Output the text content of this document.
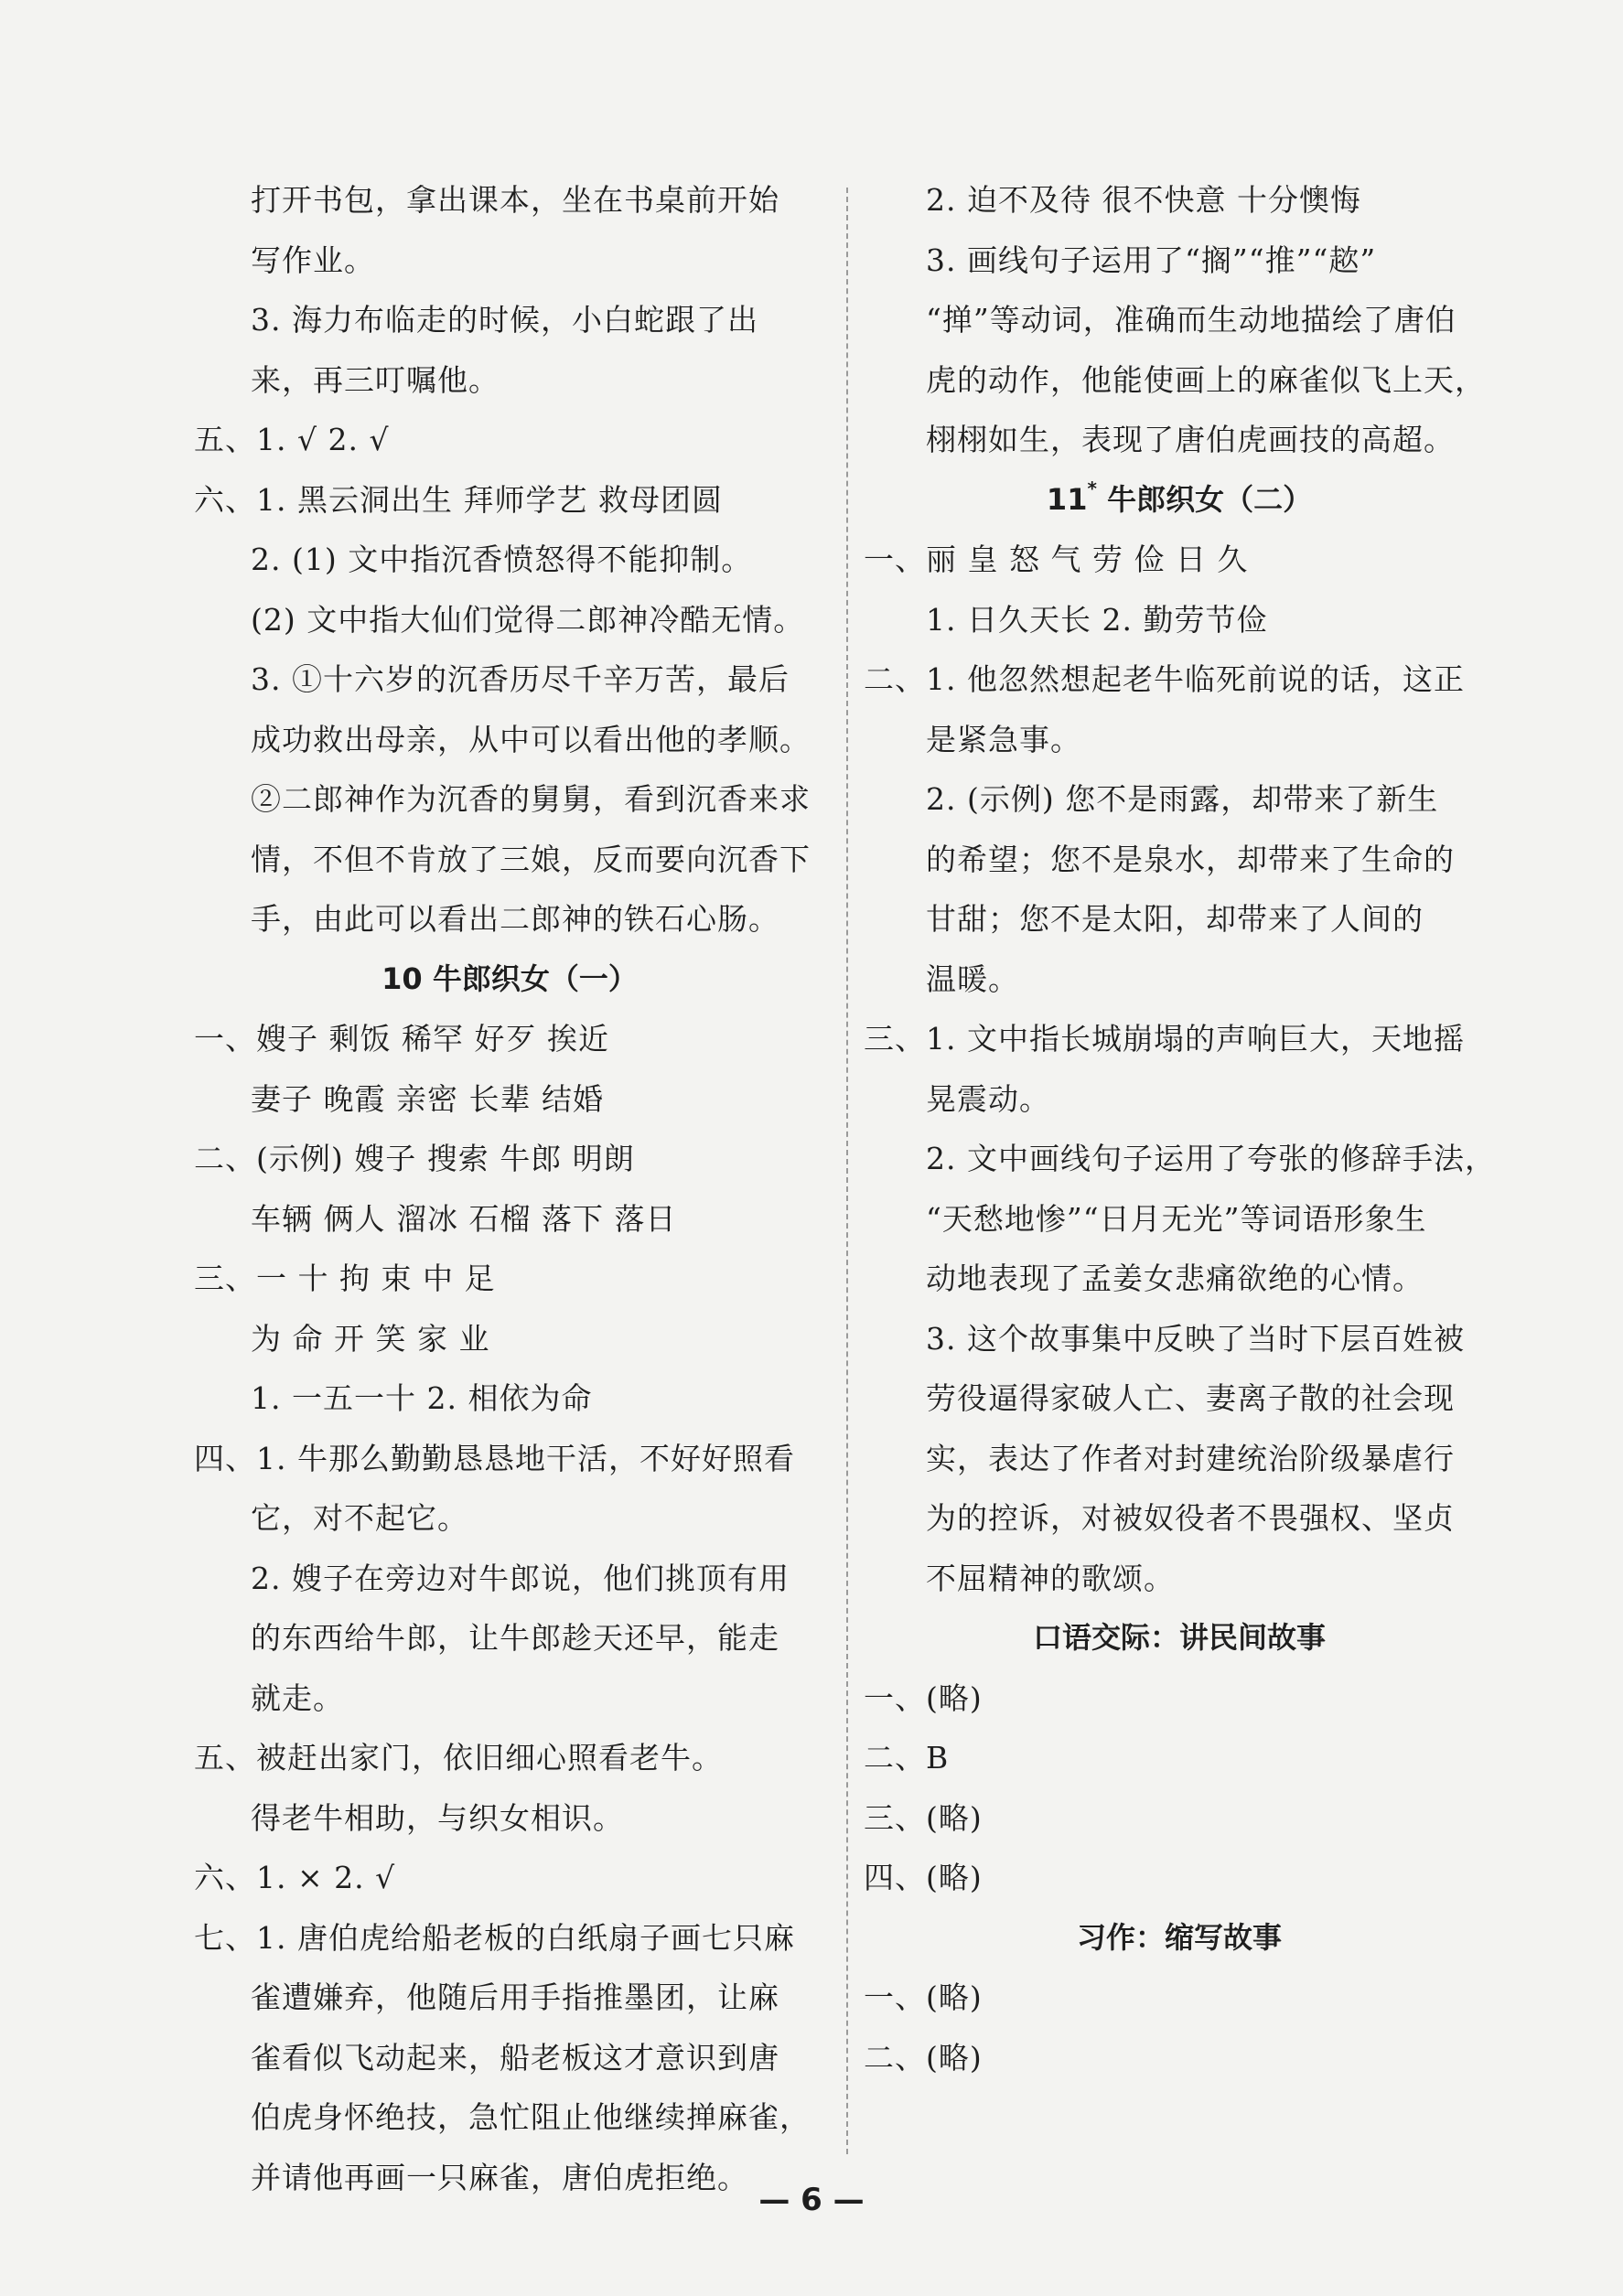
打开书包，拿出课本，坐在书桌前开始
写作业。
3. 海力布临走的时候，小白蛇跟了出
来，再三叮嘱他。
五、1. √ 2. √
六、1. 黑云洞出生 拜师学艺 救母团圆
2. (1) 文中指沉香愤怒得不能抑制。
(2) 文中指大仙们觉得二郎神冷酷无情。
3. ①十六岁的沉香历尽千辛万苦，最后
成功救出母亲，从中可以看出他的孝顺。
②二郎神作为沉香的舅舅，看到沉香来求
情，不但不肯放了三娘，反而要向沉香下
手，由此可以看出二郎神的铁石心肠。
10 牛郎织女（一）
一、嫂子 剩饭 稀罕 好歹 挨近
妻子 晚霞 亲密 长辈 结婚
二、(示例) 嫂子 搜索 牛郎 明朗
车辆 俩人 溜冰 石榴 落下 落日
三、一 十 拘 束 中 足
为 命 开 笑 家 业
1. 一五一十 2. 相依为命
四、1. 牛那么勤勤恳恳地干活，不好好照看
它，对不起它。
2. 嫂子在旁边对牛郎说，他们挑顶有用
的东西给牛郎，让牛郎趁天还早，能走
就走。
五、被赶出家门，依旧细心照看老牛。
得老牛相助，与织女相识。
六、1. × 2. √
七、1. 唐伯虎给船老板的白纸扇子画七只麻
雀遭嫌弃，他随后用手指推墨团，让麻
雀看似飞动起来，船老板这才意识到唐
伯虎身怀绝技，急忙阻止他继续掸麻雀，
并请他再画一只麻雀，唐伯虎拒绝。
2. 迫不及待 很不快意 十分懊悔
3. 画线句子运用了“搁”“推”“趑”
“掸”等动词，准确而生动地描绘了唐伯
虎的动作，他能使画上的麻雀似飞上天，
栩栩如生，表现了唐伯虎画技的高超。
11* 牛郎织女（二）
一、丽 皇 怒 气 劳 俭 日 久
1. 日久天长 2. 勤劳节俭
二、1. 他忽然想起老牛临死前说的话，这正
是紧急事。
2. (示例) 您不是雨露，却带来了新生
的希望；您不是泉水，却带来了生命的
甘甜；您不是太阳，却带来了人间的
温暖。
三、1. 文中指长城崩塌的声响巨大，天地摇
晃震动。
2. 文中画线句子运用了夸张的修辞手法，
“天愁地惨”“日月无光”等词语形象生
动地表现了孟姜女悲痛欲绝的心情。
3. 这个故事集中反映了当时下层百姓被
劳役逼得家破人亡、妻离子散的社会现
实，表达了作者对封建统治阶级暴虐行
为的控诉，对被奴役者不畏强权、坚贞
不屈精神的歌颂。
口语交际：讲民间故事
一、(略)
二、B
三、(略)
四、(略)
习作：缩写故事
一、(略)
二、(略)
— 6 —
